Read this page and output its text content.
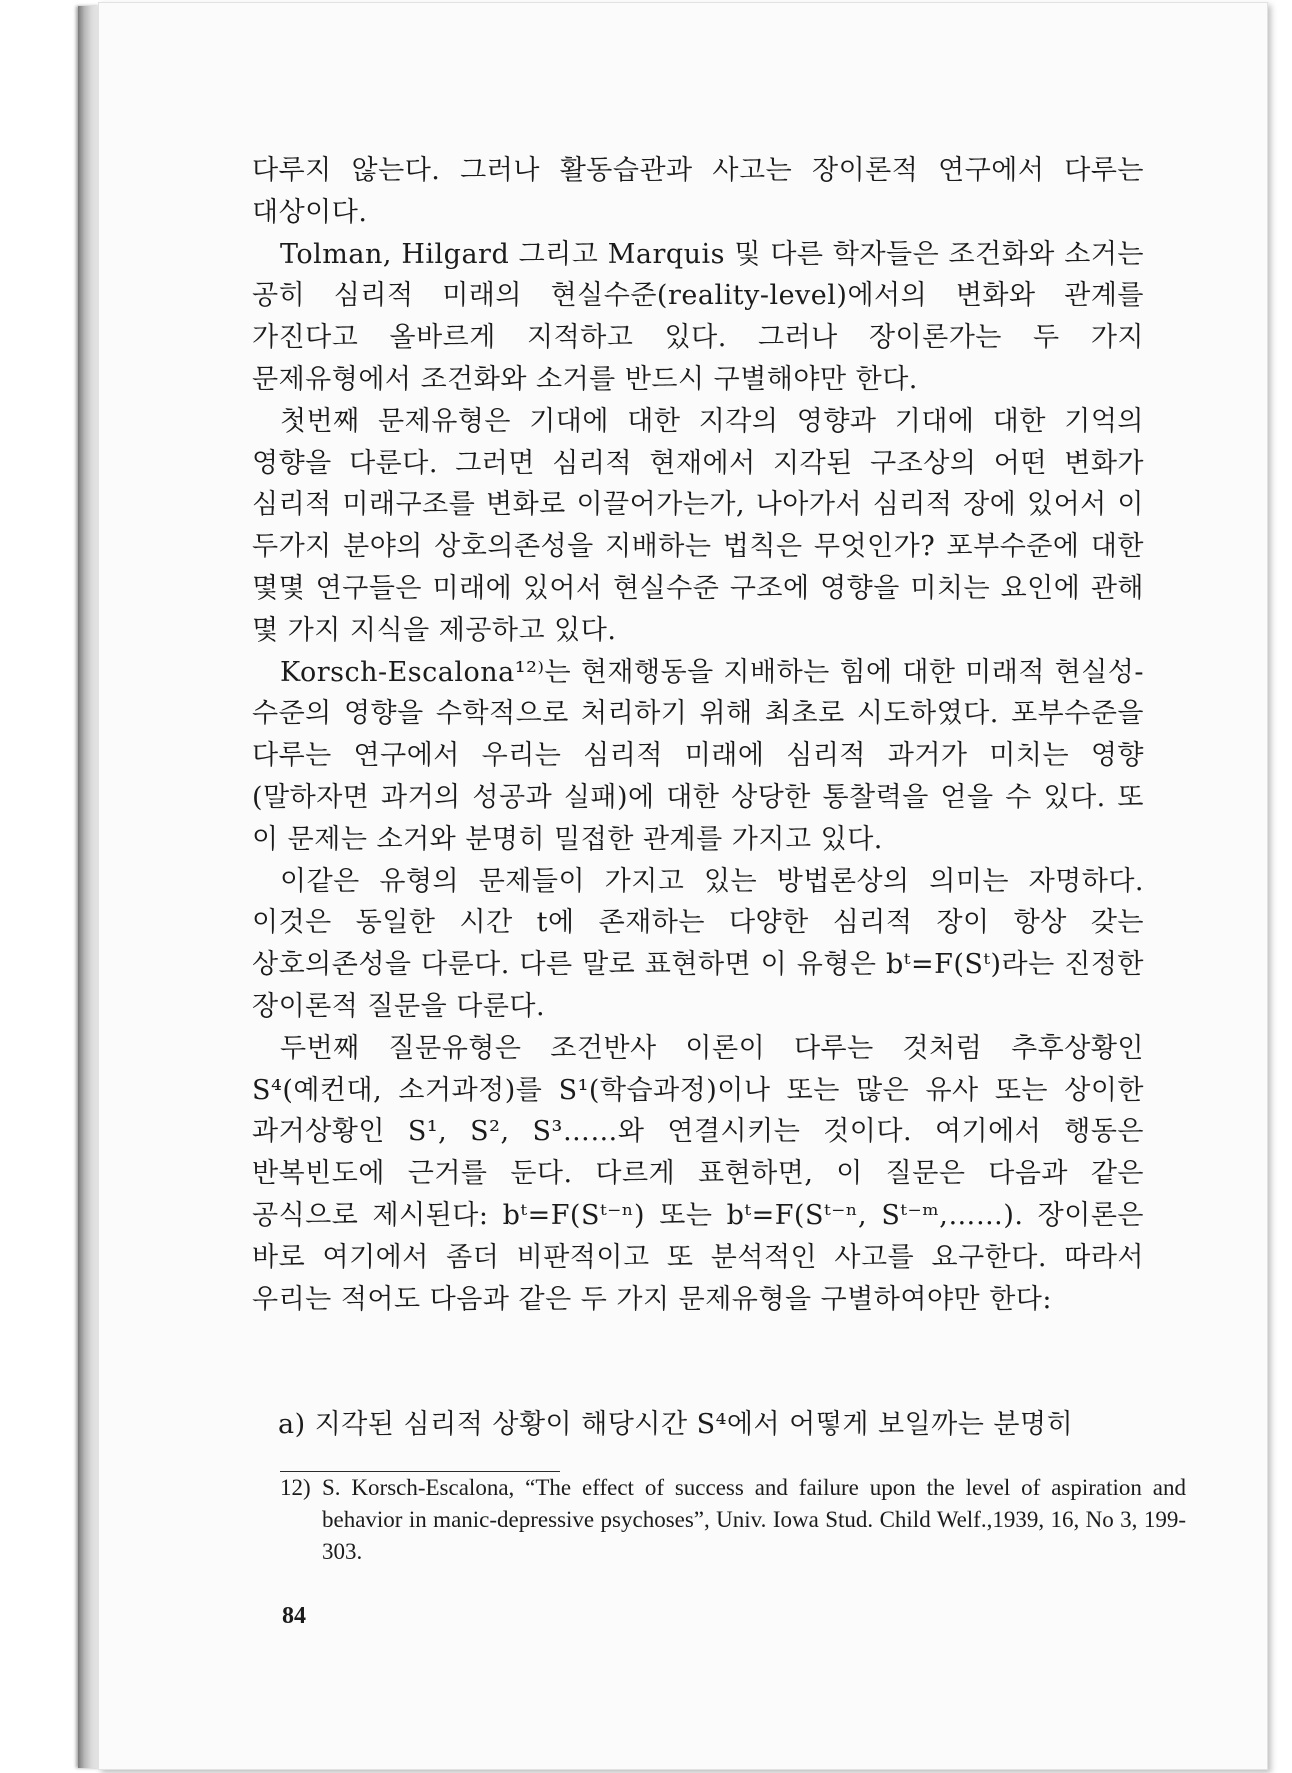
다루지 않는다. 그러나 활동습관과 사고는 장이론적 연구에서 다루는 대상이다.

Tolman, Hilgard 그리고 Marquis 및 다른 학자들은 조건화와 소거는 공히 심리적 미래의 현실수준(reality-level)에서의 변화와 관계를 가진다고 올바르게 지적하고 있다. 그러나 장이론가는 두 가지 문제유형에서 조건화와 소거를 반드시 구별해야만 한다.

첫번째 문제유형은 기대에 대한 지각의 영향과 기대에 대한 기억의 영향을 다룬다. 그러면 심리적 현재에서 지각된 구조상의 어떤 변화가 심리적 미래구조를 변화로 이끌어가는가, 나아가서 심리적 장에 있어서 이 두가지 분야의 상호의존성을 지배하는 법칙은 무엇인가? 포부수준에 대한 몇몇 연구들은 미래에 있어서 현실수준 구조에 영향을 미치는 요인에 관해 몇 가지 지식을 제공하고 있다.

Korsch-Escalona¹²⁾는 현재행동을 지배하는 힘에 대한 미래적 현실성-수준의 영향을 수학적으로 처리하기 위해 최초로 시도하였다. 포부수준을 다루는 연구에서 우리는 심리적 미래에 심리적 과거가 미치는 영향(말하자면 과거의 성공과 실패)에 대한 상당한 통찰력을 얻을 수 있다. 또 이 문제는 소거와 분명히 밀접한 관계를 가지고 있다.

이같은 유형의 문제들이 가지고 있는 방법론상의 의미는 자명하다. 이것은 동일한 시간 t에 존재하는 다양한 심리적 장이 항상 갖는 상호의존성을 다룬다. 다른 말로 표현하면 이 유형은 bᵗ=F(Sᵗ)라는 진정한 장이론적 질문을 다룬다.

두번째 질문유형은 조건반사 이론이 다루는 것처럼 추후상황인 S⁴(예컨대, 소거과정)를 S¹(학습과정)이나 또는 많은 유사 또는 상이한 과거상황인 S¹, S², S³……와 연결시키는 것이다. 여기에서 행동은 반복빈도에 근거를 둔다. 다르게 표현하면, 이 질문은 다음과 같은 공식으로 제시된다: bᵗ=F(Sᵗ⁻ⁿ) 또는 bᵗ=F(Sᵗ⁻ⁿ, Sᵗ⁻ᵐ,……). 장이론은 바로 여기에서 좀더 비판적이고 또 분석적인 사고를 요구한다. 따라서 우리는 적어도 다음과 같은 두 가지 문제유형을 구별하여야만 한다:

a) 지각된 심리적 상황이 해당시간 S⁴에서 어떻게 보일까는 분명히
12) S. Korsch-Escalona, “The effect of success and failure upon the level of aspiration and behavior in manic-depressive psychoses”, Univ. Iowa Stud. Child Welf.,1939, 16, No 3, 199-303.
84
